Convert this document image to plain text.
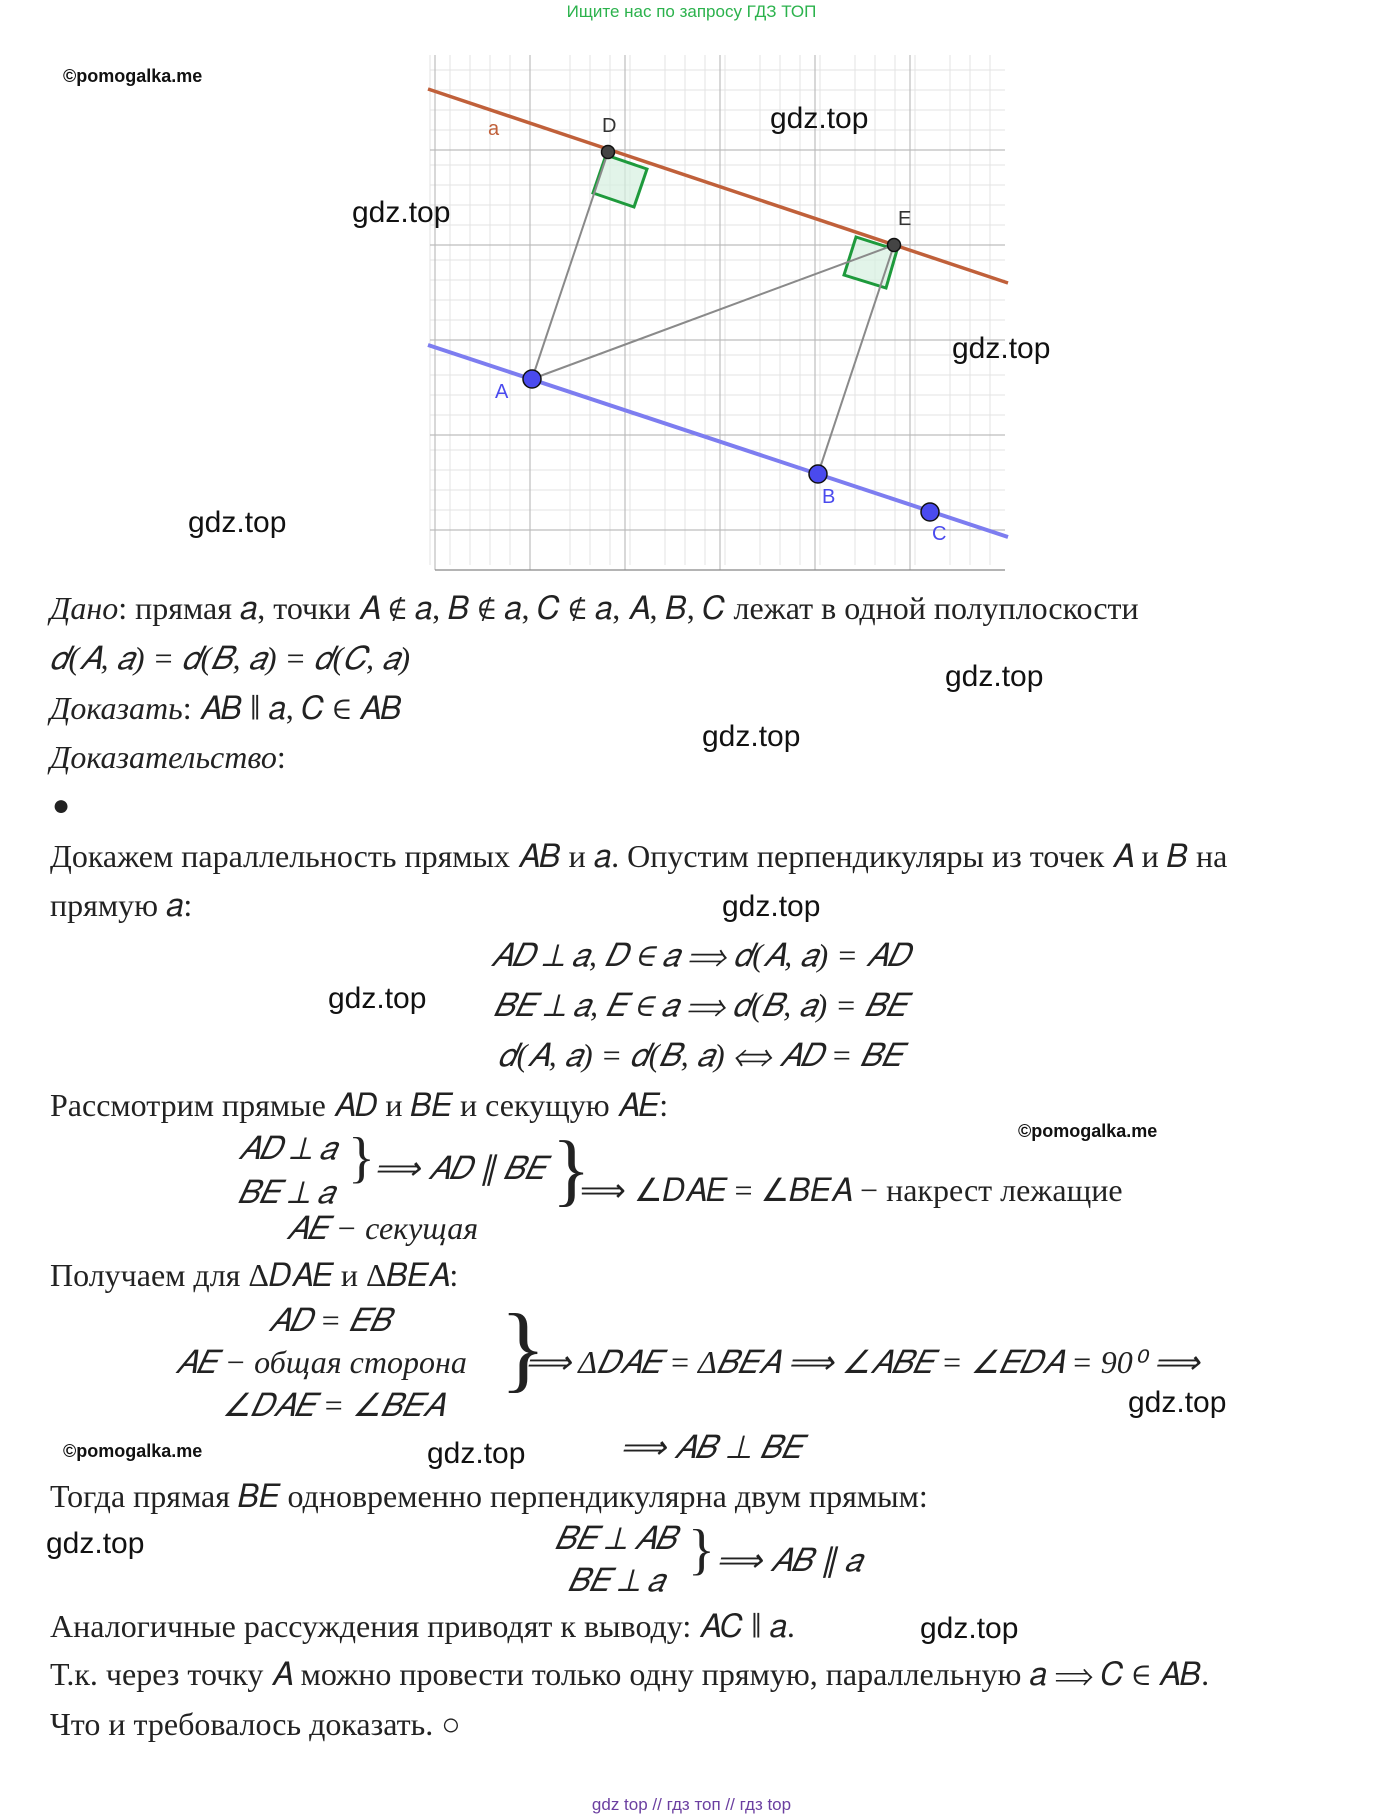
Ищите нас по запросу ГДЗ ТОП
©pomogalka.me
a	D
E
A
B
C
gdz.top
gdz.top
gdz.top
gdz.top
Дано: прямая 𝑎, точки 𝐴 ∉ 𝑎, 𝐵 ∉ 𝑎, 𝐶 ∉ 𝑎, 𝐴, 𝐵, 𝐶 лежат в одной полуплоскости
𝑑(𝐴, 𝑎) = 𝑑(𝐵, 𝑎) = 𝑑(𝐶, 𝑎)
gdz.top
Доказать: 𝐴𝐵 ∥ 𝑎, 𝐶 ∈ 𝐴𝐵
gdz.top
Доказательство:
●
Докажем параллельность прямых 𝐴𝐵 и 𝑎. Опустим перпендикуляры из точек 𝐴 и 𝐵 на
прямую 𝑎:	gdz.top
𝐴𝐷 ⊥ 𝑎, 𝐷 ∈ 𝑎 ⟹ 𝑑(𝐴, 𝑎) = 𝐴𝐷
𝐵𝐸 ⊥ 𝑎, 𝐸 ∈ 𝑎 ⟹ 𝑑(𝐵, 𝑎) = 𝐵𝐸
gdz.top
𝑑(𝐴, 𝑎) = 𝑑(𝐵, 𝑎) ⟺ 𝐴𝐷 = 𝐵𝐸
Рассмотрим прямые 𝐴𝐷 и 𝐵𝐸 и секущую 𝐴𝐸:
©pomogalka.me
𝐴𝐷 ⊥ 𝑎
𝐵𝐸 ⊥ 𝑎
} ⟹ 𝐴𝐷 ∥ 𝐵𝐸
𝐴𝐸 − секущая
}
⟹ ∠𝐷𝐴𝐸 = ∠𝐵𝐸𝐴 − накрест лежащие
Получаем для Δ𝐷𝐴𝐸 и Δ𝐵𝐸𝐴:
𝐴𝐷 = 𝐸𝐵
𝐴𝐸 − общая сторона
∠𝐷𝐴𝐸 = ∠𝐵𝐸𝐴
}
⟹ Δ𝐷𝐴𝐸 = Δ𝐵𝐸𝐴 ⟹ ∠𝐴𝐵𝐸 = ∠𝐸𝐷𝐴 = 90⁰ ⟹
gdz.top
©pomogalka.me	gdz.top	⟹ 𝐴𝐵 ⊥ 𝐵𝐸
Тогда прямая 𝐵𝐸 одновременно перпендикулярна двум прямым:
gdz.top	𝐵𝐸 ⊥ 𝐴𝐵
𝐵𝐸 ⊥ 𝑎 } ⟹ 𝐴𝐵 ∥ 𝑎
Аналогичные рассуждения приводят к выводу: 𝐴𝐶 ∥ 𝑎.	gdz.top
Т.к. через точку 𝐴 можно провести только одну прямую, параллельную 𝑎 ⟹ 𝐶 ∈ 𝐴𝐵.
Что и требовалось доказать. ○
gdz top // гдз топ // гдз top
